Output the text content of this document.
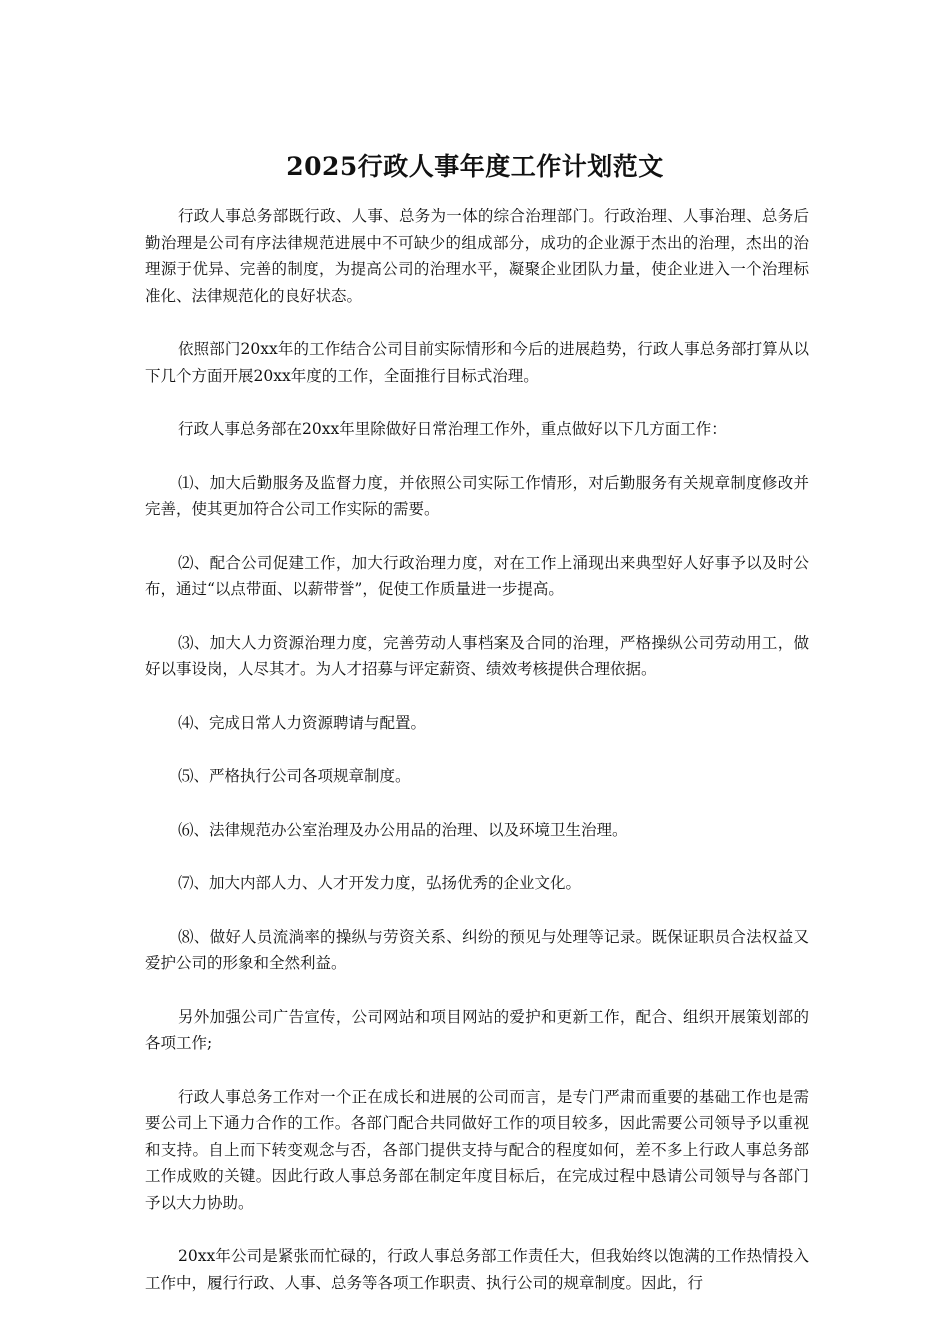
2025行政人事年度工作计划范文

行政人事总务部既行政、人事、总务为一体的综合治理部门。行政治理、人事治理、总务后勤治理是公司有序法律规范进展中不可缺少的组成部分，成功的企业源于杰出的治理，杰出的治理源于优异、完善的制度，为提高公司的治理水平，凝聚企业团队力量，使企业进入一个治理标准化、法律规范化的良好状态。

依照部门20xx年的工作结合公司目前实际情形和今后的进展趋势，行政人事总务部打算从以下几个方面开展20xx年度的工作，全面推行目标式治理。

行政人事总务部在20xx年里除做好日常治理工作外，重点做好以下几方面工作：

⑴、加大后勤服务及监督力度，并依照公司实际工作情形，对后勤服务有关规章制度修改并完善，使其更加符合公司工作实际的需要。

⑵、配合公司促建工作，加大行政治理力度，对在工作上涌现出来典型好人好事予以及时公布，通过“以点带面、以薪带誉”，促使工作质量进一步提高。

⑶、加大人力资源治理力度，完善劳动人事档案及合同的治理，严格操纵公司劳动用工，做好以事设岗，人尽其才。为人才招募与评定薪资、绩效考核提供合理依据。

⑷、完成日常人力资源聘请与配置。

⑸、严格执行公司各项规章制度。

⑹、法律规范办公室治理及办公用品的治理、以及环境卫生治理。

⑺、加大内部人力、人才开发力度，弘扬优秀的企业文化。

⑻、做好人员流淌率的操纵与劳资关系、纠纷的预见与处理等记录。既保证职员合法权益又爱护公司的形象和全然利益。

另外加强公司广告宣传，公司网站和项目网站的爱护和更新工作，配合、组织开展策划部的各项工作;

行政人事总务工作对一个正在成长和进展的公司而言，是专门严肃而重要的基础工作也是需要公司上下通力合作的工作。各部门配合共同做好工作的项目较多，因此需要公司领导予以重视和支持。自上而下转变观念与否，各部门提供支持与配合的程度如何，差不多上行政人事总务部工作成败的关键。因此行政人事总务部在制定年度目标后，在完成过程中恳请公司领导与各部门予以大力协助。

20xx年公司是紧张而忙碌的，行政人事总务部工作责任大，但我始终以饱满的工作热情投入工作中，履行行政、人事、总务等各项工作职责、执行公司的规章制度。因此，行
